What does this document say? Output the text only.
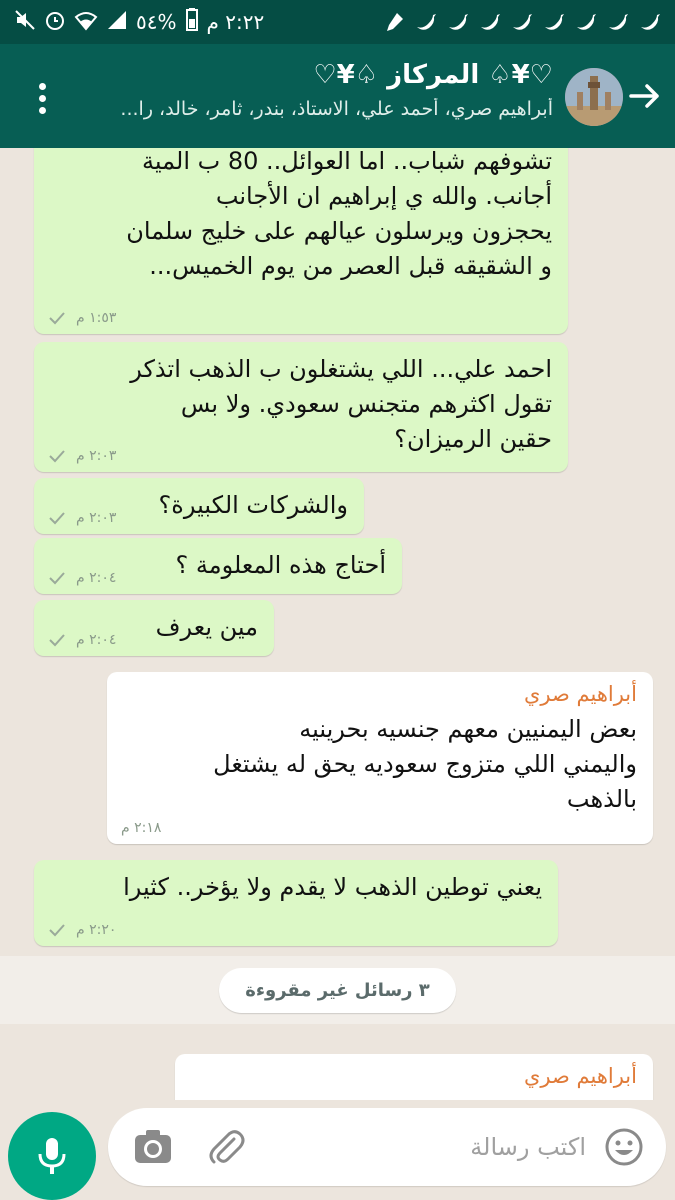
٢:٢٢ م
%٥٤
♡¥♤ المركاز ♤¥♡
أبراهيم صري، أحمد علي، الاستاذ، بندر، ثامر، خالد، را...
تشوفهم شباب.. اما العوائل.. 80 ب المية
أجانب. والله ي إبراهيم ان الأجانب
يحجزون ويرسلون عيالهم على خليج سلمان
و الشقيقه قبل العصر من يوم الخميس...
١:٥٣ م
احمد علي... اللي يشتغلون ب الذهب اتذكر
تقول اكثرهم متجنس سعودي. ولا بس
حقين الرميزان؟
٢:٠٣ م
والشركات الكبيرة؟
٢:٠٣ م
أحتاج هذه المعلومة ؟
٢:٠٤ م
مين يعرف
٢:٠٤ م
أبراهيم صري
بعض اليمنيين معهم جنسيه بحرينيه
واليمني اللي متزوج سعوديه يحق له يشتغل
بالذهب
٢:١٨ م
يعني توطين الذهب لا يقدم ولا يؤخر.. كثيرا
٢:٢٠ م
٣ رسائل غير مقروءة
أبراهيم صري
اكتب رسالة
